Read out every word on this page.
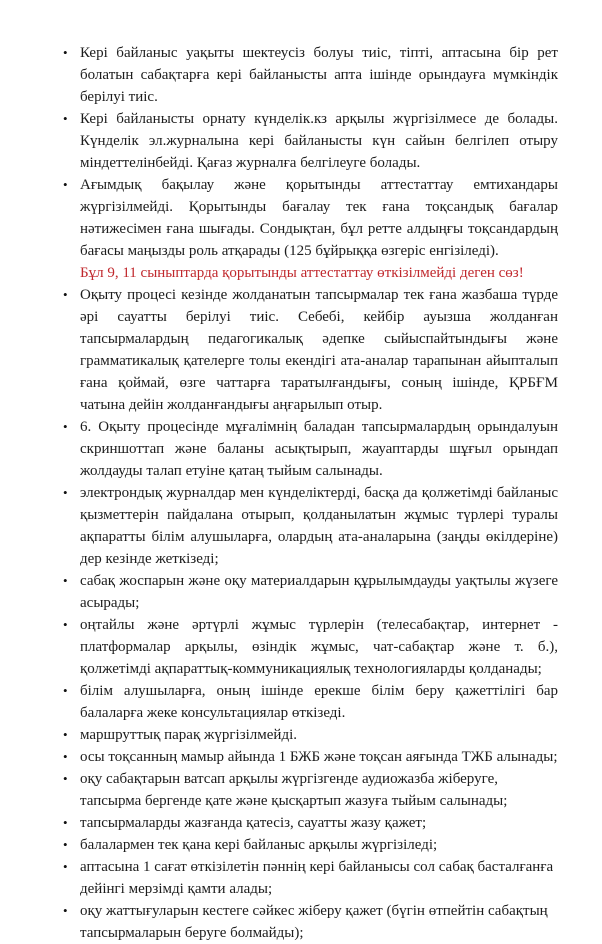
• Кері байланыс уақыты шектеусіз болуы тиіс, тіпті, аптасына бір рет болатын сабақтарға кері байланысты апта ішінде орындауға мүмкіндік берілуі тиіс.
• Кері байланысты орнату күнделік.кз арқылы жүргізілмесе де болады. Күнделік эл.журналына кері байланысты күн сайын белгілеп отыру міндеттелінбейді. Қағаз журналға белгілеуге болады.
• Ағымдық бақылау және қорытынды аттестаттау емтихандары жүргізілмейді. Қорытынды бағалау тек ғана тоқсандық бағалар нәтижесімен ғана шығады. Сондықтан, бұл ретте алдыңғы тоқсандардың бағасы маңызды роль атқарады (125 бұйрыққа өзгеріс енгізіледі).
Бұл 9, 11 сыныптарда қорытынды аттестаттау өткізілмейді деген сөз!
• Оқыту процесі кезінде жолданатын тапсырмалар тек ғана жазбаша түрде әрі сауатты берілуі тиіс. Себебі, кейбір ауызша жолданған тапсырмалардың педагогикалық әдепке сыйыспайтындығы және грамматикалық қателерге толы екендігі ата-аналар тарапынан айыпталып ғана қоймай, өзге чаттарға таратылғандығы, соның ішінде, ҚРБҒМ чатына дейін жолданғандығы аңғарылып отыр.
• 6. Оқыту процесінде мұғалімнің баладан тапсырмалардың орындалуын скриншоттап және баланы асықтырып, жауаптарды шұғыл орындап жолдауды талап етуіне қатаң тыйым салынады.
• электрондық журналдар мен күнделіктерді, басқа да қолжетімді байланыс қызметтерін пайдалана отырып, қолданылатын жұмыс түрлері туралы ақпаратты білім алушыларға, олардың ата-аналарына (заңды өкілдеріне) дер кезінде жеткізеді;
• сабақ жоспарын және оқу материалдарын құрылымдауды уақтылы жүзеге асырады;
• оңтайлы және әртүрлі жұмыс түрлерін (телесабақтар, интернет - платформалар арқылы, өзіндік жұмыс, чат-сабақтар және т. б.), қолжетімді ақпараттық-коммуникациялық технологияларды қолданады;
• білім алушыларға, оның ішінде ерекше білім беру қажеттілігі бар балаларға жеке консультациялар өткізеді.
• маршруттық парақ жүргізілмейді.
• осы тоқсанның мамыр айында 1 БЖБ және тоқсан аяғында ТЖБ алынады;
• оқу сабақтарын ватсап арқылы жүргізгенде аудиожазба жіберуге, тапсырма бергенде қате және қысқартып жазуға тыйым салынады;
• тапсырмаларды жазғанда қатесіз, сауатты жазу қажет;
• балалармен тек қана кері байланыс арқылы жүргізіледі;
• аптасына 1 сағат өткізілетін пәннің кері байланысы сол сабақ басталғанға дейінгі мерзімді қамти алады;
• оқу жаттығуларын кестеге сәйкес жіберу қажет (бүгін өтпейтін сабақтың тапсырмаларын беруге болмайды);
